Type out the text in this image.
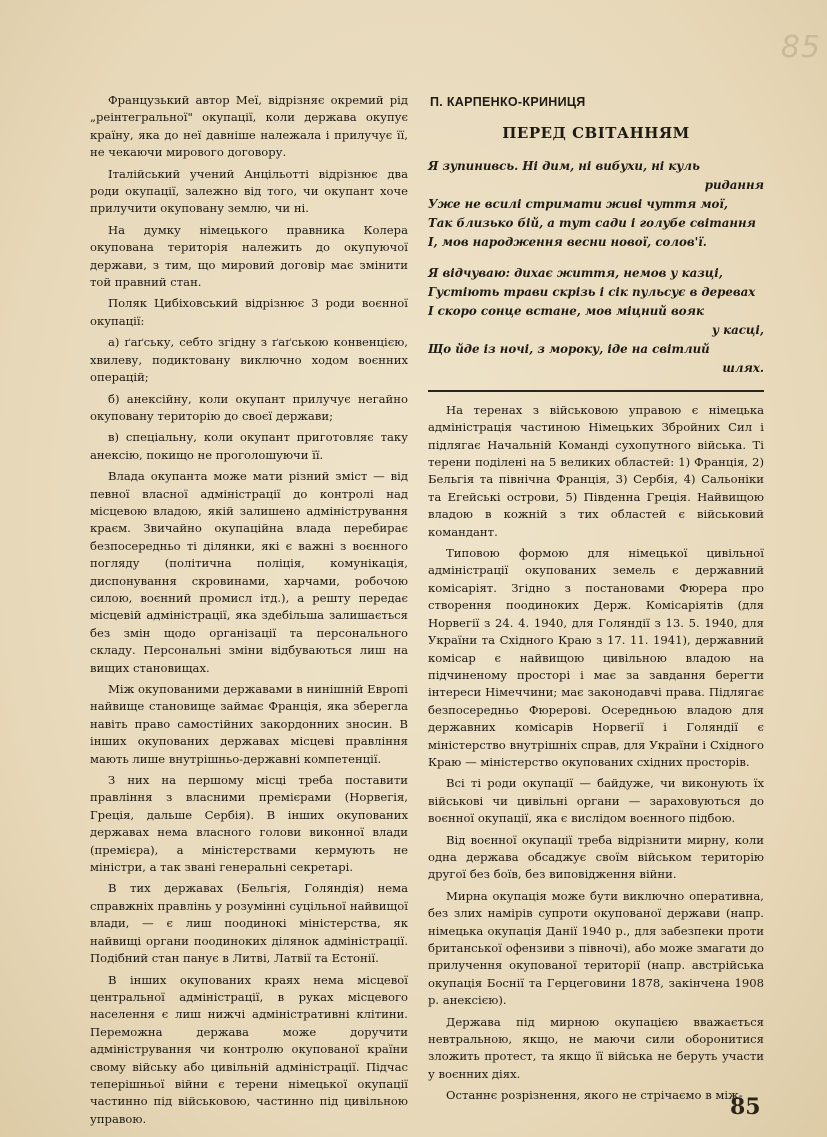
85

Французький автор Меї, відрізняє окремий рід „реінтегральної" окупації, коли держава окупує країну, яка до неї давніше належала і прилучує її, не чекаючи мирового договору.

Італійський учений Анцільотті відрізнює два роди окупації, залежно від того, чи окупант хоче прилучити окуповану землю, чи ні.

На думку німецького правника Колера окупована територія належить до окупуючої держави, з тим, що мировий договір має змінити той правний стан.

Поляк Цибіховський відрізнює 3 роди воєнної окупації:

а) ґаґську, себто згідну з ґаґською конвенцією, хвилеву, подиктовану виключно ходом воєнних операцій;

б) анексійну, коли окупант прилучує негайно окуповану територію до своєї держави;

в) спеціальну, коли окупант приготовляє таку анексію, покищо не проголошуючи її.

Влада окупанта може мати різний зміст — від певної власної адміністрації до контролі над місцевою владою, якій залишено адміністрування краєм. Звичайно окупаційна влада перебирає безпосередньо ті ділянки, які є важні з воєнного погляду (політична поліція, комунікація, диспонування скровинами, харчами, робочою силою, воєнний промисл ітд.), а решту передає місцевій адміністрації, яка здебільша залишається без змін щодо організації та персонального складу. Персональні зміни відбуваються лиш на вищих становищах.

Між окупованими державами в нинішній Европі найвище становище займає Франція, яка зберегла навіть право самостійних закордонних зносин. В інших окупованих державах місцеві правління мають лише внутрішньо-державні компетенції.

З них на першому місці треба поставити правління з власними премієрами (Норвегія, Греція, дальше Сербія). В інших окупованих державах нема власного голови виконної влади (премієра), а міністерствами кермують не міністри, а так звані генеральні секретарі.

В тих державах (Бельгія, Голяндія) нема справжніх правлінь у розумінні суцільної найвищої влади, — є лиш поодинокі міністерства, як найвищі органи поодиноких ділянок адміністрації. Подібний стан панує в Литві, Латвії та Естонії.

В інших окупованих краях нема місцевої центральної адміністрації, в руках місцевого населення є лиш нижчі адміністративні клітини. Переможна держава може доручити адміністрування чи контролю окупованої країни свому війську або цивільній адміністрації. Підчас теперішньої війни є терени німецької окупації частинно під військовою, частинно під цивільною управою.

П. КАРПЕНКО-КРИНИЦЯ
ПЕРЕД СВІТАННЯМ
Я зупинивсь. Ні дим, ні вибухи, ні куль
ридання
Уже не всилі стримати живі чуття мої,
Так близько бій, а тут сади і голубе світання
І, мов народження весни нової, солов'ї.
Я відчуваю: дихає життя, немов у казці,
Густіють трави скрізь і сік пульсує в деревах
І скоро сонце встане, мов міцний вояк
у касці,
Що йде із ночі, з мороку, іде на світлий
шлях.

На теренах з військовою управою є німецька адміністрація частиною Німецьких Збройних Сил і підлягає Начальній Команді сухопутного війська. Ті терени поділені на 5 великих областей: 1) Франція, 2) Бельгія та північна Франція, 3) Сербія, 4) Сальоніки та Егейські острови, 5) Південна Греція. Найвищою владою в кожній з тих областей є військовий командант.

Типовою формою для німецької цивільної адміністрації окупованих земель є державний комісаріят. Згідно з постановами Фюрера про створення поодиноких Держ. Комісаріятів (для Норвегії з 24. 4. 1940, для Голяндії з 13. 5. 1940, для України та Східного Краю з 17. 11. 1941), державний комісар є найвищою цивільною владою на підчиненому просторі і має за завдання берегти інтереси Німеччини; має законодавчі права. Підлягає безпосередньо Фюрерові. Осередньою владою для державних комісарів Норвегії і Голяндії є міністерство внутрішніх справ, для України і Східного Краю — міністерство окупованих східних просторів.

Всі ті роди окупації — байдуже, чи виконують їх військові чи цивільні органи — зараховуються до воєнної окупації, яка є вислідом воєнного підбою.

Від воєнної окупації треба відрізнити мирну, коли одна держава обсаджує своїм військом територію другої без боїв, без виповідження війни.

Мирна окупація може бути виключно оперативна, без злих намірів супроти окупованої держави (напр. німецька окупація Данії 1940 р., для забезпеки проти британської офензиви з півночі), або може змагати до прилучення окупованої території (напр. австрійська окупація Боснії та Герцеговини 1878, закінчена 1908 р. анексією).

Держава під мирною окупацією вважається невтральною, якщо, не маючи сили оборонитися зложить протест, та якщо її війська не беруть участи у воєнних діях.

Останнє розрізнення, якого не стрічаємо в між-

85
